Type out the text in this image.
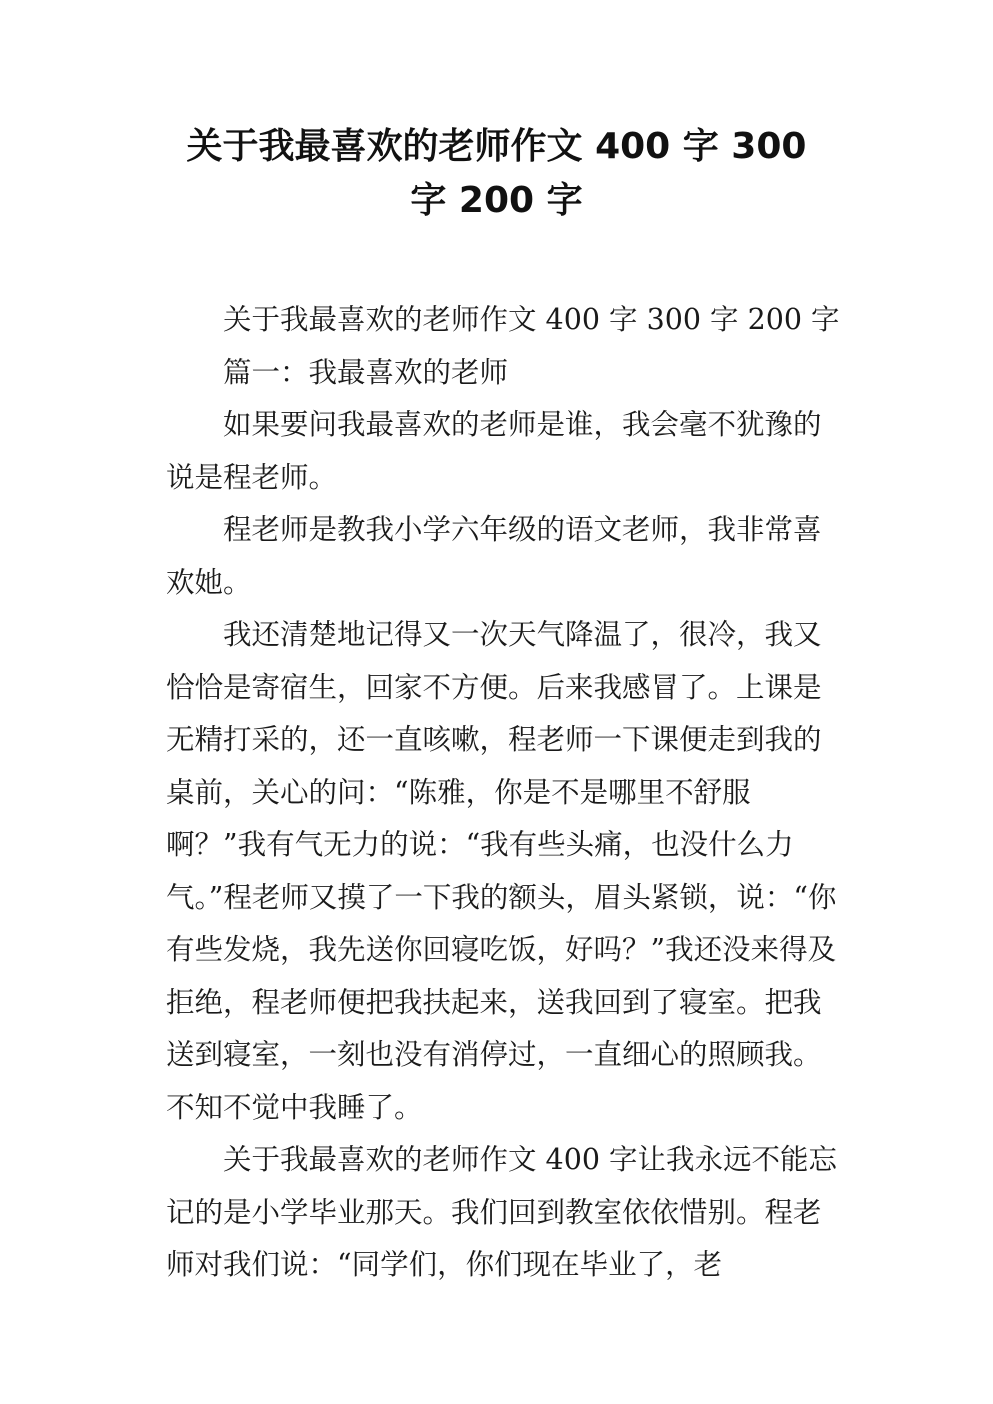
关于我最喜欢的老师作文 400 字 300
字 200 字

关于我最喜欢的老师作文 400 字 300 字 200 字

篇一：我最喜欢的老师

如果要问我最喜欢的老师是谁，我会毫不犹豫的说是程老师。

程老师是教我小学六年级的语文老师，我非常喜欢她。

我还清楚地记得又一次天气降温了，很冷，我又恰恰是寄宿生，回家不方便。后来我感冒了。上课是无精打采的，还一直咳嗽，程老师一下课便走到我的桌前，关心的问：“陈雅，你是不是哪里不舒服啊？”我有气无力的说：“我有些头痛，也没什么力气。”程老师又摸了一下我的额头，眉头紧锁，说：“你有些发烧，我先送你回寝吃饭，好吗？”我还没来得及拒绝，程老师便把我扶起来，送我回到了寝室。把我送到寝室，一刻也没有消停过，一直细心的照顾我。不知不觉中我睡了。

关于我最喜欢的老师作文 400 字让我永远不能忘记的是小学毕业那天。我们回到教室依依惜别。程老师对我们说：“同学们，你们现在毕业了，老
